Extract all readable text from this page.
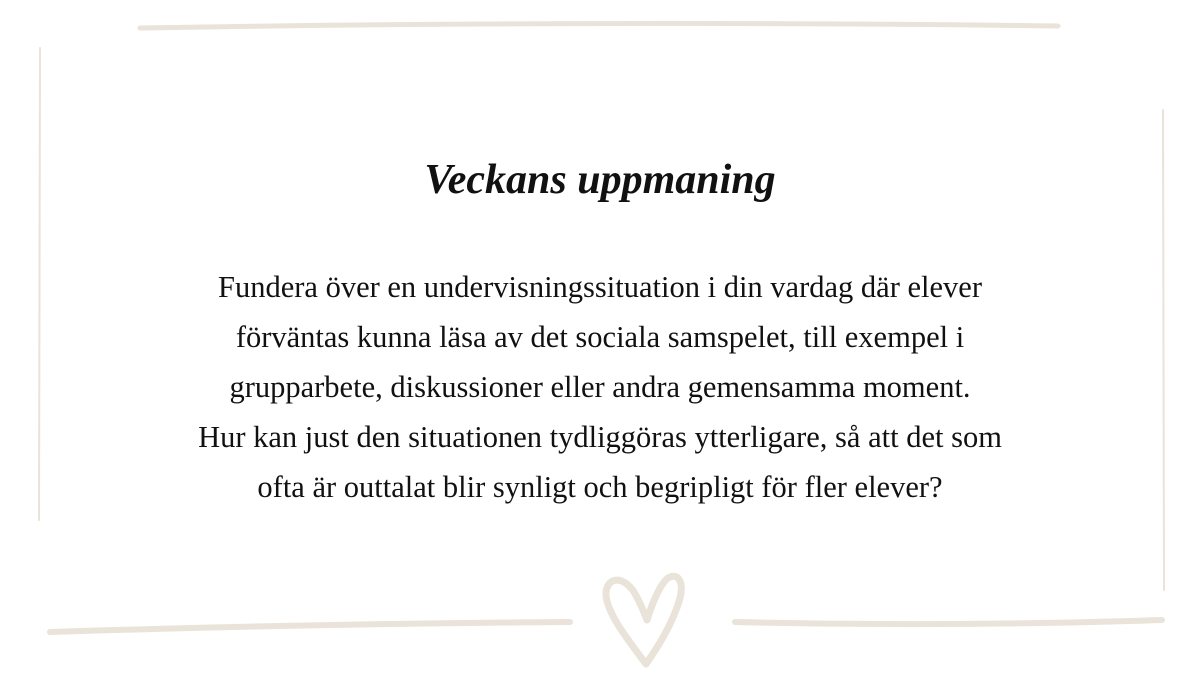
Veckans uppmaning
Fundera över en undervisningssituation i din vardag där elever
förväntas kunna läsa av det sociala samspelet, till exempel i
grupparbete, diskussioner eller andra gemensamma moment.
Hur kan just den situationen tydliggöras ytterligare, så att det som
ofta är outtalat blir synligt och begripligt för fler elever?
